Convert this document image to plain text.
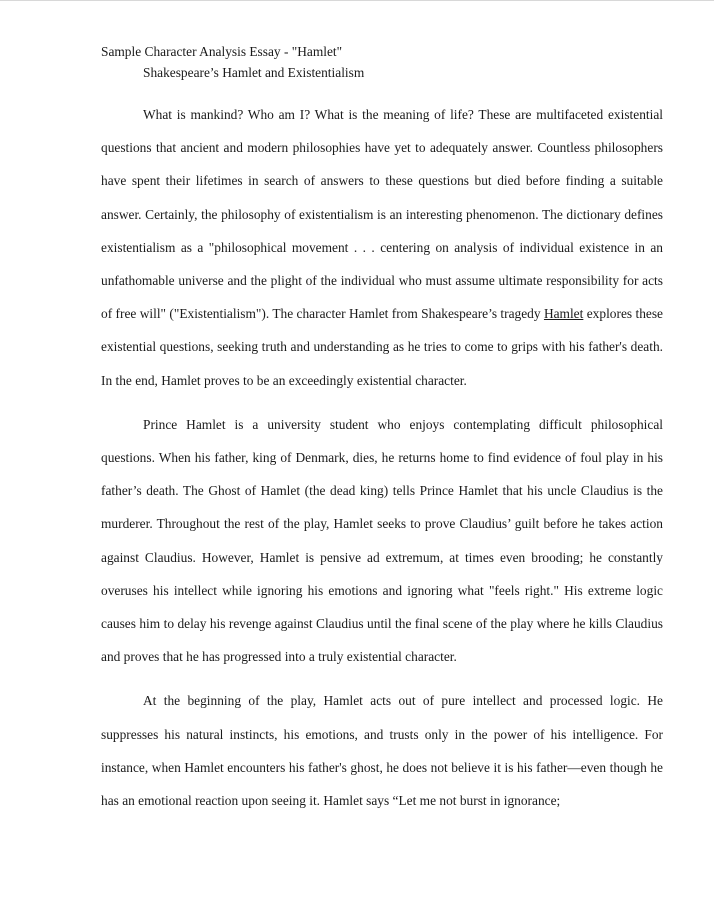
Sample Character Analysis Essay - "Hamlet"

Shakespeare’s Hamlet and Existentialism

What is mankind? Who am I? What is the meaning of life? These are multifaceted existential questions that ancient and modern philosophies have yet to adequately answer. Countless philosophers have spent their lifetimes in search of answers to these questions but died before finding a suitable answer. Certainly, the philosophy of existentialism is an interesting phenomenon. The dictionary defines existentialism as a "philosophical movement . . . centering on analysis of individual existence in an unfathomable universe and the plight of the individual who must assume ultimate responsibility for acts of free will" ("Existentialism"). The character Hamlet from Shakespeare’s tragedy Hamlet explores these existential questions, seeking truth and understanding as he tries to come to grips with his father's death. In the end, Hamlet proves to be an exceedingly existential character.

Prince Hamlet is a university student who enjoys contemplating difficult philosophical questions. When his father, king of Denmark, dies, he returns home to find evidence of foul play in his father’s death. The Ghost of Hamlet (the dead king) tells Prince Hamlet that his uncle Claudius is the murderer. Throughout the rest of the play, Hamlet seeks to prove Claudius’ guilt before he takes action against Claudius. However, Hamlet is pensive ad extremum, at times even brooding; he constantly overuses his intellect while ignoring his emotions and ignoring what "feels right." His extreme logic causes him to delay his revenge against Claudius until the final scene of the play where he kills Claudius and proves that he has progressed into a truly existential character.

At the beginning of the play, Hamlet acts out of pure intellect and processed logic. He suppresses his natural instincts, his emotions, and trusts only in the power of his intelligence. For instance, when Hamlet encounters his father's ghost, he does not believe it is his father—even though he has an emotional reaction upon seeing it. Hamlet says “Let me not burst in ignorance;
